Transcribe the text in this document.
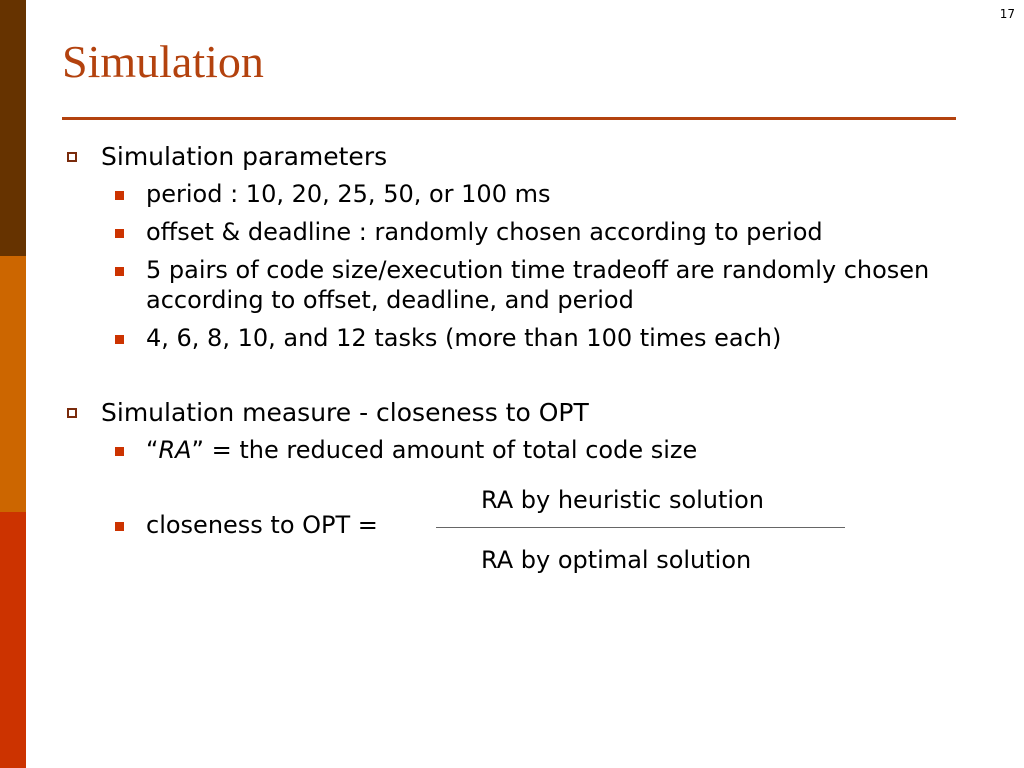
17
Simulation
Simulation parameters
period : 10, 20, 25, 50, or 100 ms
offset & deadline : randomly chosen according to period
5 pairs of code size/execution time tradeoff are randomly chosen according to offset, deadline, and period
4, 6, 8, 10, and 12 tasks (more than 100 times each)
Simulation measure - closeness to OPT
“RA” = the reduced amount of total code size
closeness to OPT =
RA by heuristic solution
RA by optimal solution
